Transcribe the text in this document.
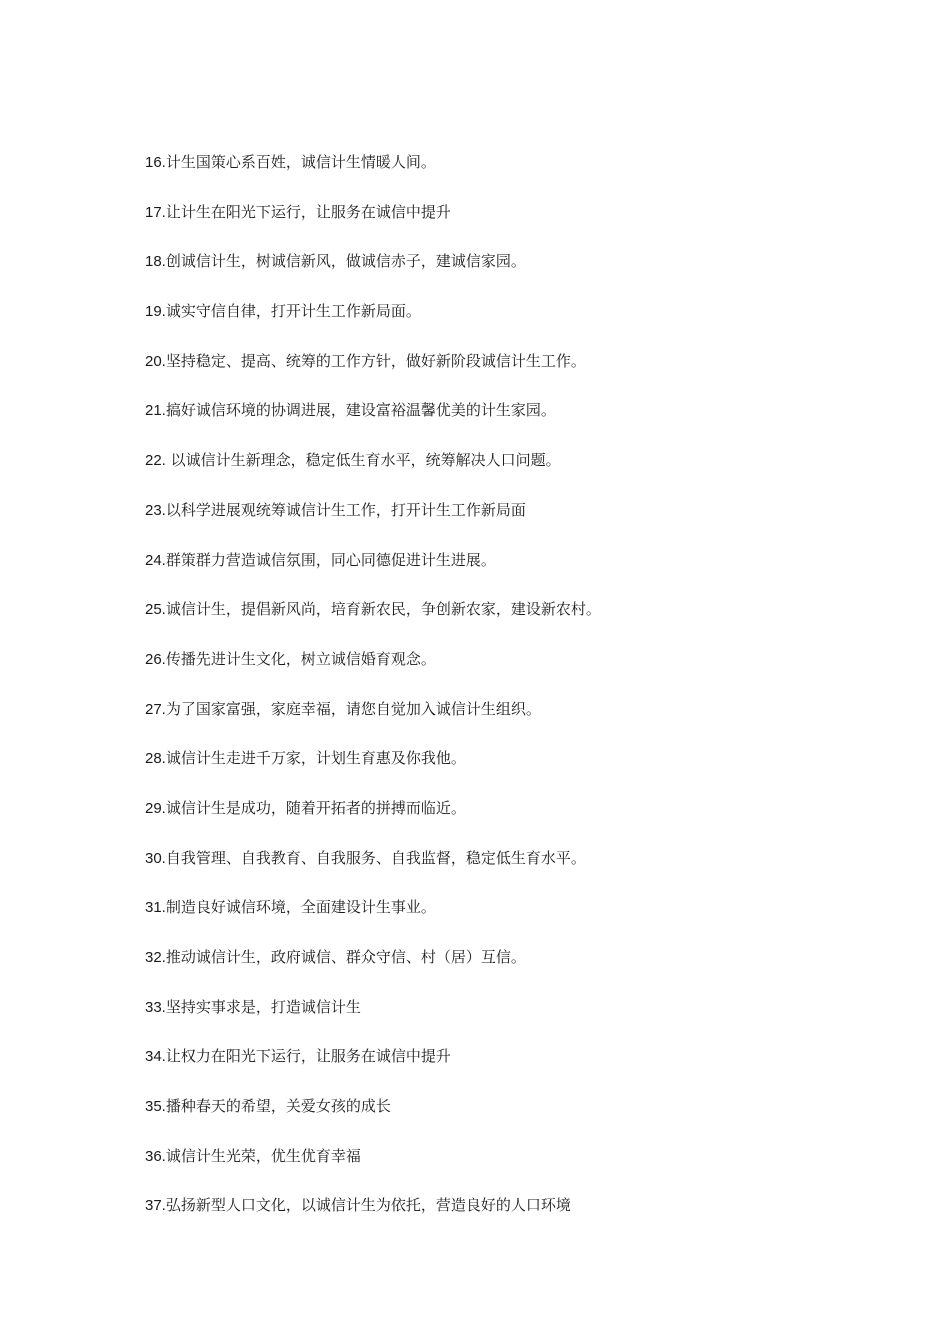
16.计生国策心系百姓，诚信计生情暖人间。
17.让计生在阳光下运行，让服务在诚信中提升
18.创诚信计生，树诚信新风，做诚信赤子，建诚信家园。
19.诚实守信自律，打开计生工作新局面。
20.坚持稳定、提高、统筹的工作方针，做好新阶段诚信计生工作。
21.搞好诚信环境的协调进展，建设富裕温馨优美的计生家园。
22. 以诚信计生新理念，稳定低生育水平，统筹解决人口问题。
23.以科学进展观统筹诚信计生工作，打开计生工作新局面
24.群策群力营造诚信氛围，同心同德促进计生进展。
25.诚信计生，提倡新风尚，培育新农民，争创新农家，建设新农村。
26.传播先进计生文化，树立诚信婚育观念。
27.为了国家富强，家庭幸福，请您自觉加入诚信计生组织。
28.诚信计生走进千万家，计划生育惠及你我他。
29.诚信计生是成功，随着开拓者的拼搏而临近。
30.自我管理、自我教育、自我服务、自我监督，稳定低生育水平。
31.制造良好诚信环境，全面建设计生事业。
32.推动诚信计生，政府诚信、群众守信、村（居）互信。
33.坚持实事求是，打造诚信计生
34.让权力在阳光下运行，让服务在诚信中提升
35.播种春天的希望，关爱女孩的成长
36.诚信计生光荣，优生优育幸福
37.弘扬新型人口文化，以诚信计生为依托，营造良好的人口环境
